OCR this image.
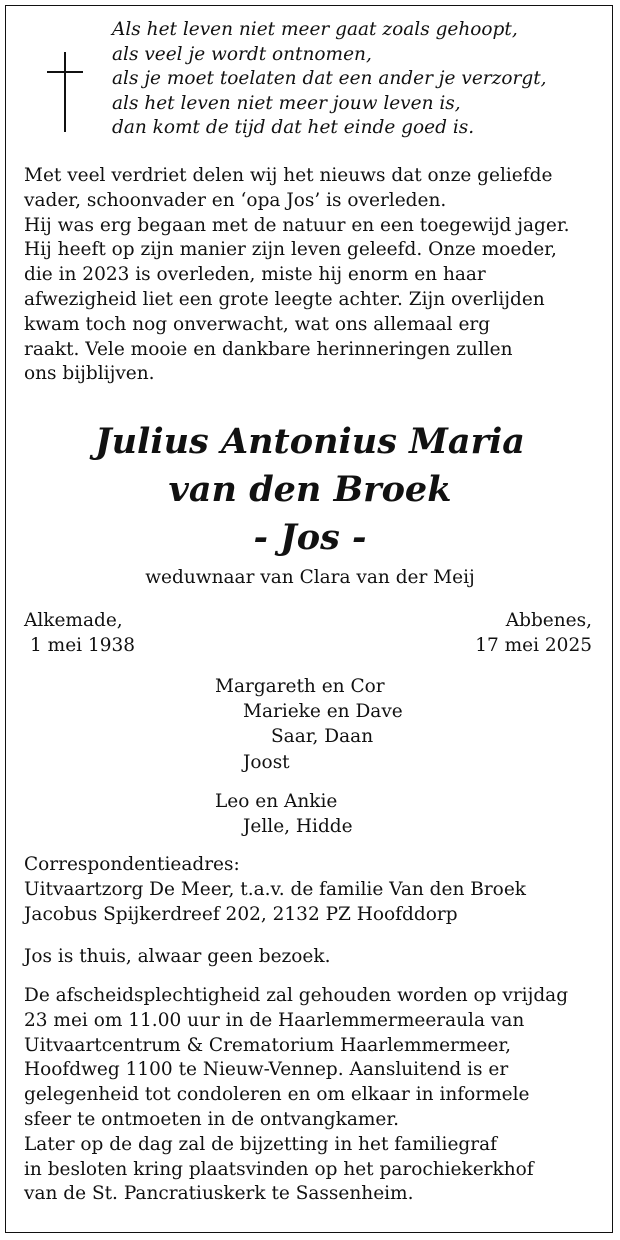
Als het leven niet meer gaat zoals gehoopt,
als veel je wordt ontnomen,
als je moet toelaten dat een ander je verzorgt,
als het leven niet meer jouw leven is,
dan komt de tijd dat het einde goed is.
Met veel verdriet delen wij het nieuws dat onze geliefde
vader, schoonvader en ‘opa Jos’ is overleden.
Hij was erg begaan met de natuur en een toegewijd jager.
Hij heeft op zijn manier zijn leven geleefd. Onze moeder,
die in 2023 is overleden, miste hij enorm en haar
afwezigheid liet een grote leegte achter. Zijn overlijden
kwam toch nog onverwacht, wat ons allemaal erg
raakt. Vele mooie en dankbare herinneringen zullen
ons bijblijven.
Julius Antonius Maria
van den Broek
- Jos -
weduwnaar van Clara van der Meij
Alkemade,
1 mei 1938
Abbenes,
17 mei 2025
Margareth en Cor
Marieke en Dave
Saar, Daan
Joost
Leo en Ankie
Jelle, Hidde
Correspondentieadres:
Uitvaartzorg De Meer, t.a.v. de familie Van den Broek
Jacobus Spijkerdreef 202, 2132 PZ Hoofddorp
Jos is thuis, alwaar geen bezoek.
De afscheidsplechtigheid zal gehouden worden op vrijdag
23 mei om 11.00 uur in de Haarlemmermeeraula van
Uitvaartcentrum & Crematorium Haarlemmermeer,
Hoofdweg 1100 te Nieuw-Vennep. Aansluitend is er
gelegenheid tot condoleren en om elkaar in informele
sfeer te ontmoeten in de ontvangkamer.
Later op de dag zal de bijzetting in het familiegraf
in besloten kring plaatsvinden op het parochiekerkhof
van de St. Pancratiuskerk te Sassenheim.
